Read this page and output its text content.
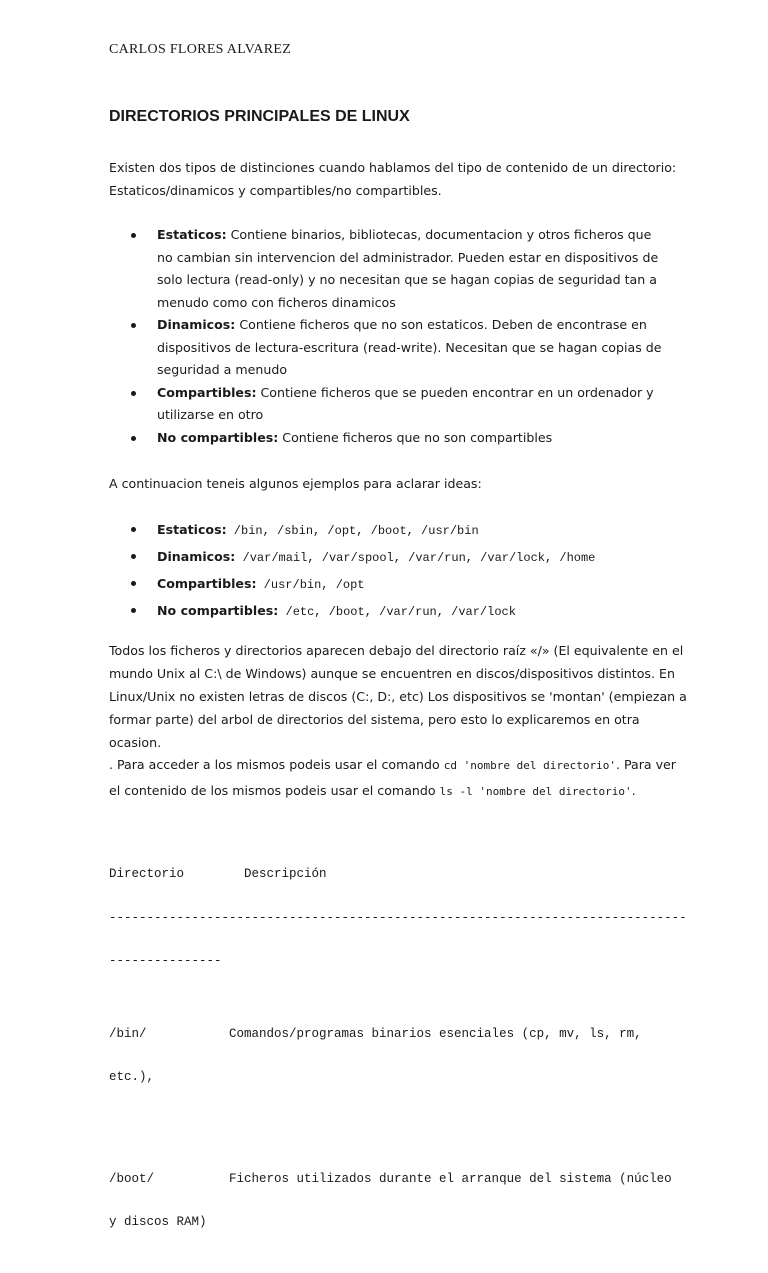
CARLOS FLORES ALVAREZ
DIRECTORIOS PRINCIPALES DE LINUX
Existen dos tipos de distinciones cuando hablamos del tipo de contenido de un directorio:
Estaticos/dinamicos y compartibles/no compartibles.
Estaticos: Contiene binarios, bibliotecas, documentacion y otros ficheros que no cambian sin intervencion del administrador. Pueden estar en dispositivos de solo lectura (read-only) y no necesitan que se hagan copias de seguridad tan a menudo como con ficheros dinamicos
Dinamicos: Contiene ficheros que no son estaticos. Deben de encontrase en dispositivos de lectura-escritura (read-write). Necesitan que se hagan copias de seguridad a menudo
Compartibles: Contiene ficheros que se pueden encontrar en un ordenador y utilizarse en otro
No compartibles: Contiene ficheros que no son compartibles
A continuacion teneis algunos ejemplos para aclarar ideas:
Estaticos: /bin, /sbin, /opt, /boot, /usr/bin
Dinamicos: /var/mail, /var/spool, /var/run, /var/lock, /home
Compartibles: /usr/bin, /opt
No compartibles: /etc, /boot, /var/run, /var/lock
Todos los ficheros y directorios aparecen debajo del directorio raíz «/» (El equivalente en el mundo Unix al C:\ de Windows) aunque se encuentren en discos/dispositivos distintos. En Linux/Unix no existen letras de discos (C:, D:, etc) Los dispositivos se 'montan' (empiezan a formar parte) del arbol de directorios del sistema, pero esto lo explicaremos en otra ocasion.
. Para acceder a los mismos podeis usar el comando cd 'nombre del directorio'. Para ver el contenido de los mismos podeis usar el comando ls -l 'nombre del directorio'.

Directorio        Descripción

-----------------------------------------------------------------------------

---------------

/bin/           Comandos/programas binarios esenciales (cp, mv, ls, rm,

etc.),

/boot/          Ficheros utilizados durante el arranque del sistema (núcleo

y discos RAM)
